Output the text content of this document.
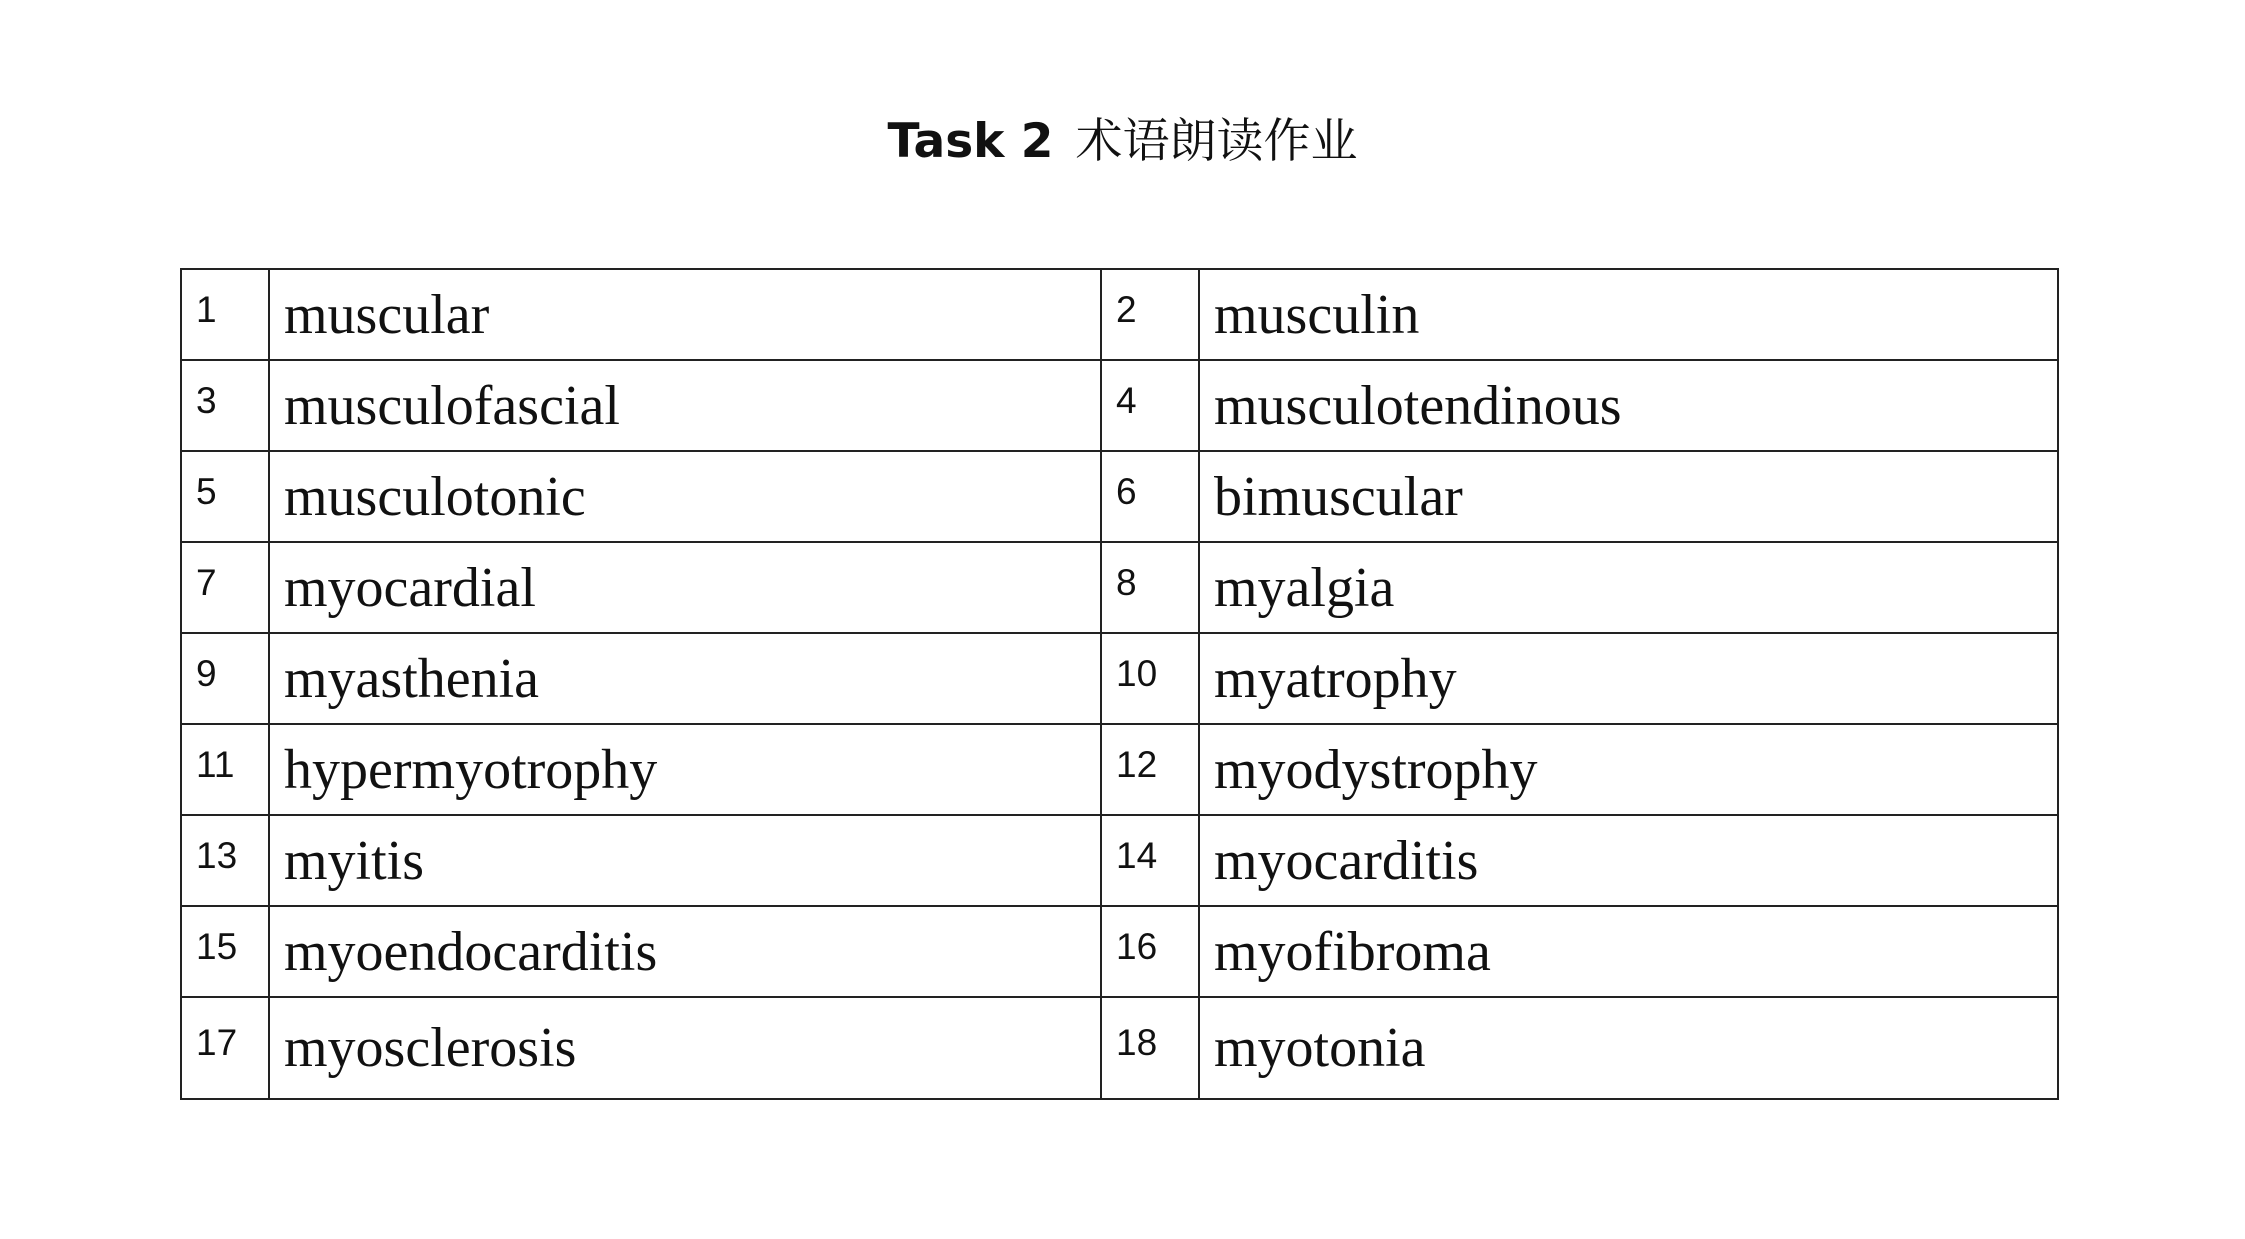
Task 2 术语朗读作业
1	muscular	2	musculin
3	musculofascial	4	musculotendinous
5	musculotonic	6	bimuscular
7	myocardial	8	myalgia
9	myasthenia	10	myatrophy
11	hypermyotrophy	12	myodystrophy
13	myitis	14	myocarditis
15	myoendocarditis	16	myofibroma
17	myosclerosis	18	myotonia
